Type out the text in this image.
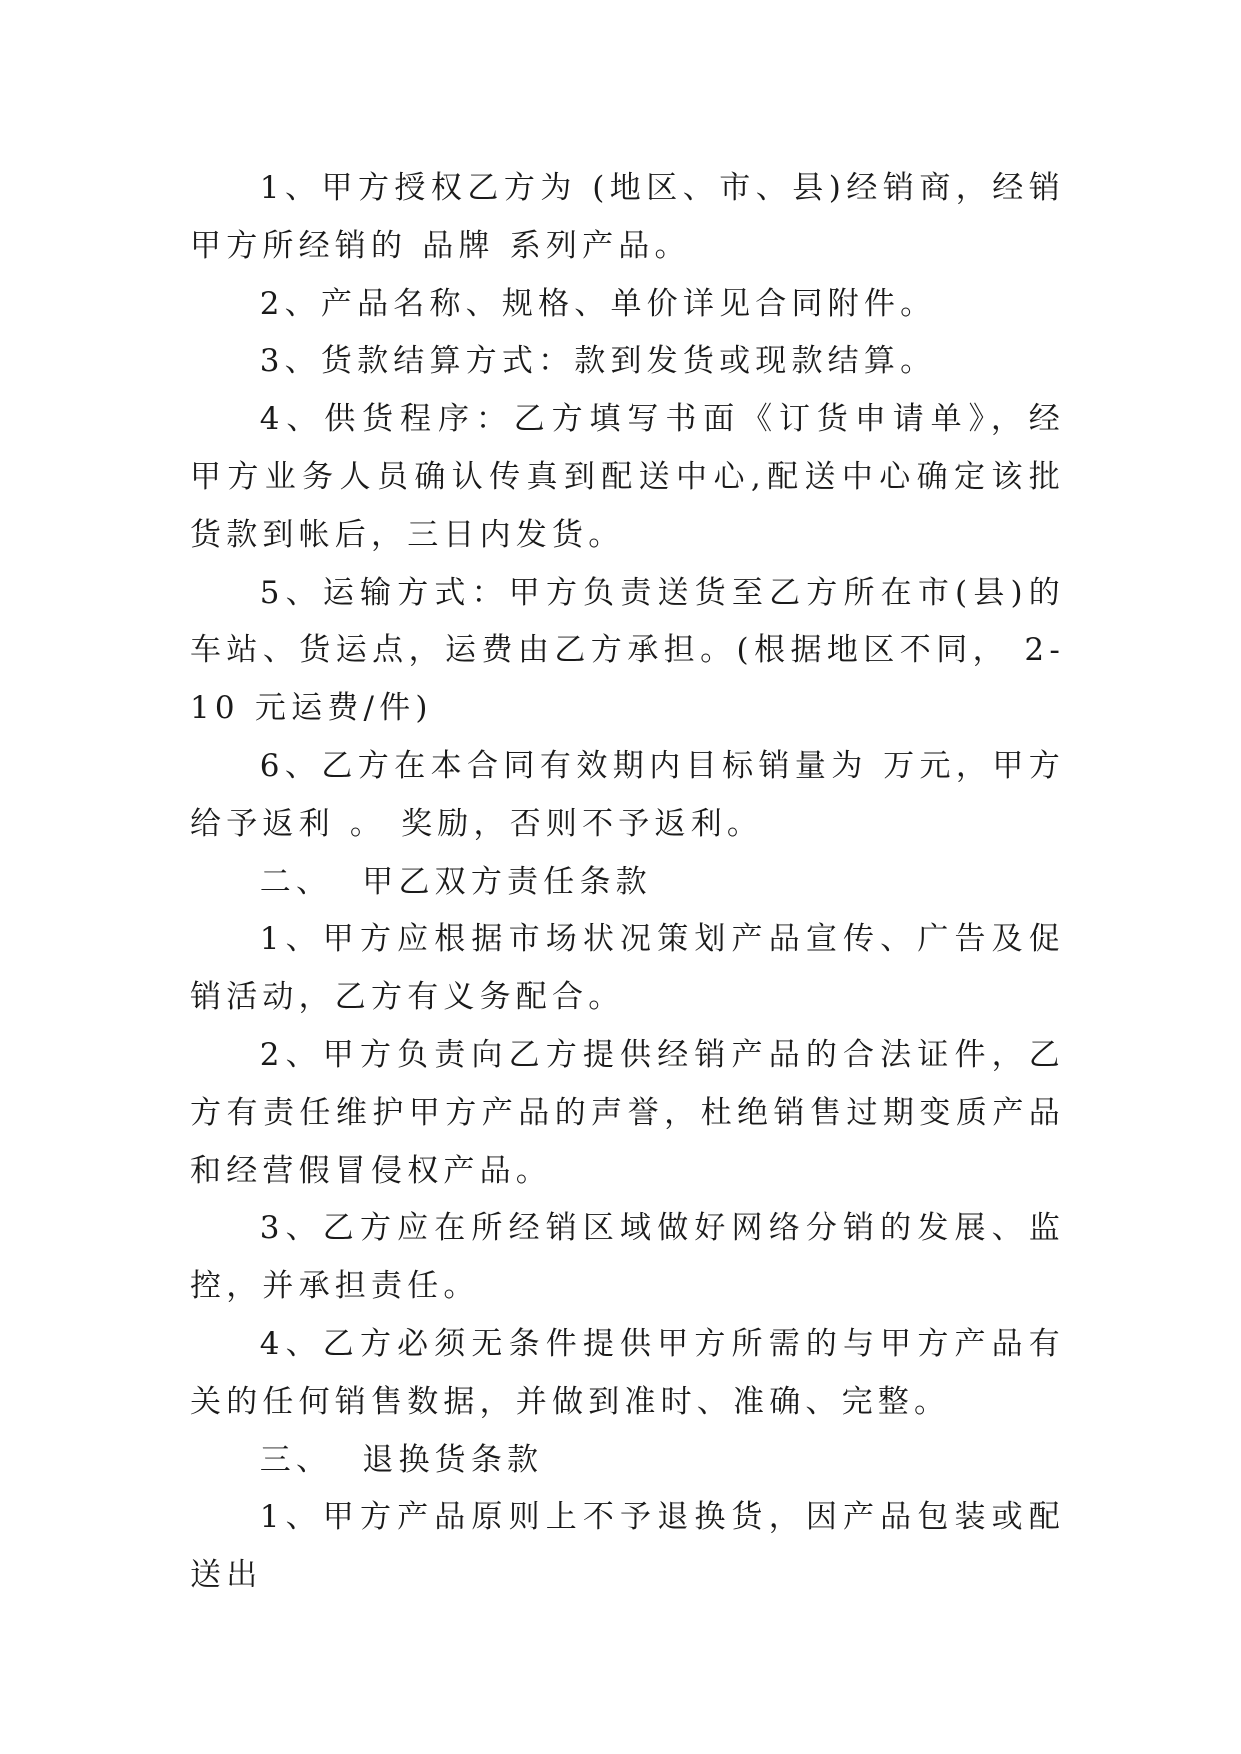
1、甲方授权乙方为 (地区、市、县)经销商，经销甲方所经销的 品牌 系列产品。

2、产品名称、规格、单价详见合同附件。

3、货款结算方式：款到发货或现款结算。

4、供货程序：乙方填写书面《订货申请单》，经甲方业务人员确认传真到配送中心,配送中心确定该批货款到帐后，三日内发货。

5、运输方式：甲方负责送货至乙方所在市(县)的车站、货运点，运费由乙方承担。(根据地区不同， 2-10 元运费/件)

6、乙方在本合同有效期内目标销量为 万元，甲方给予返利 。 奖励，否则不予返利。

二、  甲乙双方责任条款

1、甲方应根据市场状况策划产品宣传、广告及促销活动，乙方有义务配合。

2、甲方负责向乙方提供经销产品的合法证件，乙方有责任维护甲方产品的声誉，杜绝销售过期变质产品和经营假冒侵权产品。

3、乙方应在所经销区域做好网络分销的发展、监控，并承担责任。

4、乙方必须无条件提供甲方所需的与甲方产品有关的任何销售数据，并做到准时、准确、完整。

三、  退换货条款

1、甲方产品原则上不予退换货，因产品包装或配送出
